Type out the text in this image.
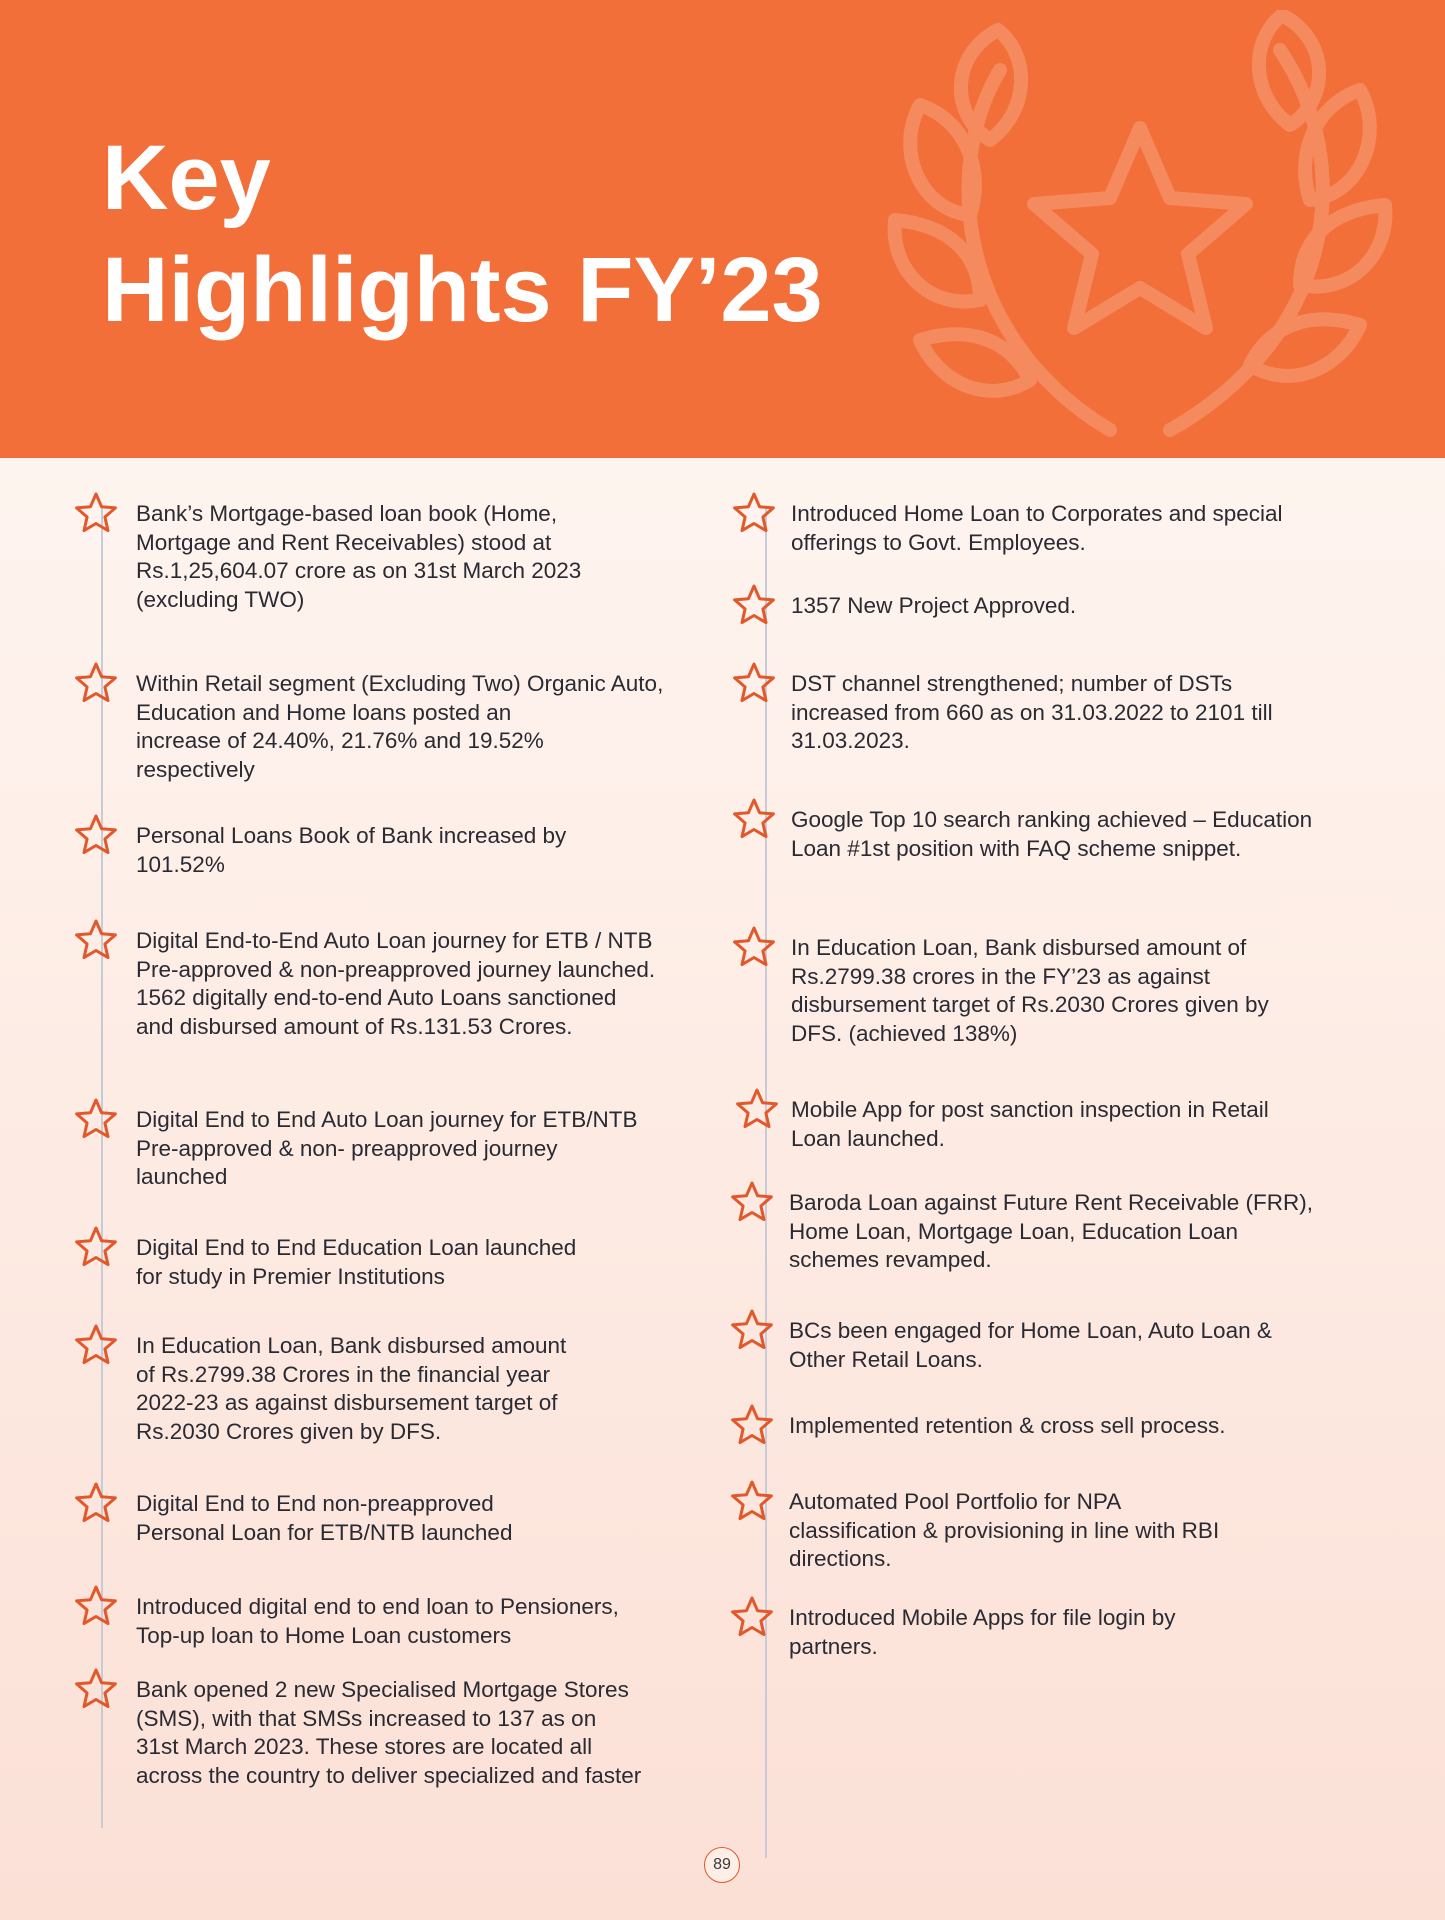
Key
Highlights FY’23

Bank’s Mortgage-based loan book (Home,
Mortgage and Rent Receivables) stood at
Rs.1,25,604.07 crore as on 31st March 2023
(excluding TWO)

Within Retail segment (Excluding Two) Organic Auto,
Education and Home loans posted an
increase of 24.40%, 21.76% and 19.52%
respectively

Personal Loans Book of Bank increased by
101.52%

Digital End-to-End Auto Loan journey for ETB / NTB
Pre-approved & non-preapproved journey launched.
1562 digitally end-to-end Auto Loans sanctioned
and disbursed amount of Rs.131.53 Crores.

Digital End to End Auto Loan journey for ETB/NTB
Pre-approved & non- preapproved journey
launched

Digital End to End Education Loan launched
for study in Premier Institutions

In Education Loan, Bank disbursed amount
of Rs.2799.38 Crores in the financial year
2022-23 as against disbursement target of
Rs.2030 Crores given by DFS.

Digital End to End non-preapproved
Personal Loan for ETB/NTB launched

Introduced digital end to end loan to Pensioners,
Top-up loan to Home Loan customers

Bank opened 2 new Specialised Mortgage Stores
(SMS), with that SMSs increased to 137 as on
31st March 2023. These stores are located all
across the country to deliver specialized and faster

Introduced Home Loan to Corporates and special
offerings to Govt. Employees.

1357 New Project Approved.

DST channel strengthened; number of DSTs
increased from 660 as on 31.03.2022 to 2101 till
31.03.2023.

Google Top 10 search ranking achieved – Education
Loan #1st position with FAQ scheme snippet.

In Education Loan, Bank disbursed amount of
Rs.2799.38 crores in the FY’23 as against
disbursement target of Rs.2030 Crores given by
DFS. (achieved 138%)

Mobile App for post sanction inspection in Retail
Loan launched.

Baroda Loan against Future Rent Receivable (FRR),
Home Loan, Mortgage Loan, Education Loan
schemes revamped.

BCs been engaged for Home Loan, Auto Loan &
Other Retail Loans.

Implemented retention & cross sell process.

Automated Pool Portfolio for NPA
classification & provisioning in line with RBI
directions.

Introduced Mobile Apps for file login by
partners.

89
